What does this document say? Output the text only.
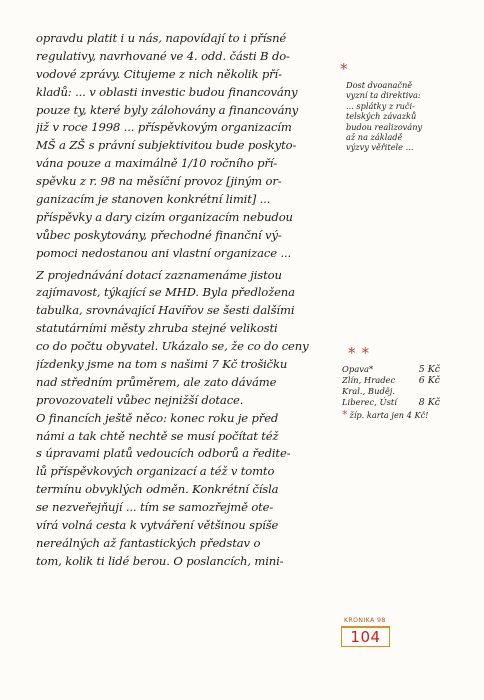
opravdu platit i u nás, napovídají to i přísné
regulativy, navrhované ve 4. odd. části B do-
vodové zprávy. Citujeme z nich několik pří-
kladů: ... v oblasti investic budou financovány
pouze ty, které byly zálohovány a financovány
již v roce 1998 ... příspěvkovým organizacím
MŠ a ZŠ s právní subjektivitou bude poskyto-
vána pouze a maximálně 1/10 ročního pří-
spěvku z r. 98 na měsíční provoz [jiným or-
ganizacím je stanoven konkrétní limit] ...
příspěvky a dary cizím organizacím nebudou
vůbec poskytovány, přechodné finanční vý-
pomoci nedostanou ani vlastní organizace ...
Z projednávání dotací zaznamenáme jistou
zajímavost, týkající se MHD. Byla předložena
tabulka, srovnávající Havířov se šesti dalšími
statutárními městy zhruba stejné velikosti
co do počtu obyvatel. Ukázalo se, že co do ceny
jízdenky jsme na tom s našimi 7 Kč trošičku
nad středním průměrem, ale zato dáváme
provozovateli vůbec nejnižší dotace.
O financích ještě něco: konec roku je před
námi a tak chtě nechtě se musí počítat též
s úpravami platů vedoucích odborů a ředite-
lů příspěvkových organizací a též v tomto
termínu obvyklých odměn. Konkrétní čísla
se nezveřejňují ... tím se samozřejmě ote-
vírá volná cesta k vytváření většinou spíše
nereálných až fantastických představ o
tom, kolik ti lidé berou. O poslancích, mini-
*
Dost dvoanačně
vyzní ta direktiva:
... splátky z ruči-
telských závazků
budou realizovány
až na základě
výzvy věřitele ...
* *
Opava*	5 Kč
Zlín, Hradec	6 Kč
Kral., Buděj.
Liberec, Ústí 8 Kč
* žíp. karta jen 4 Kč!
KRONIKA 98
104
